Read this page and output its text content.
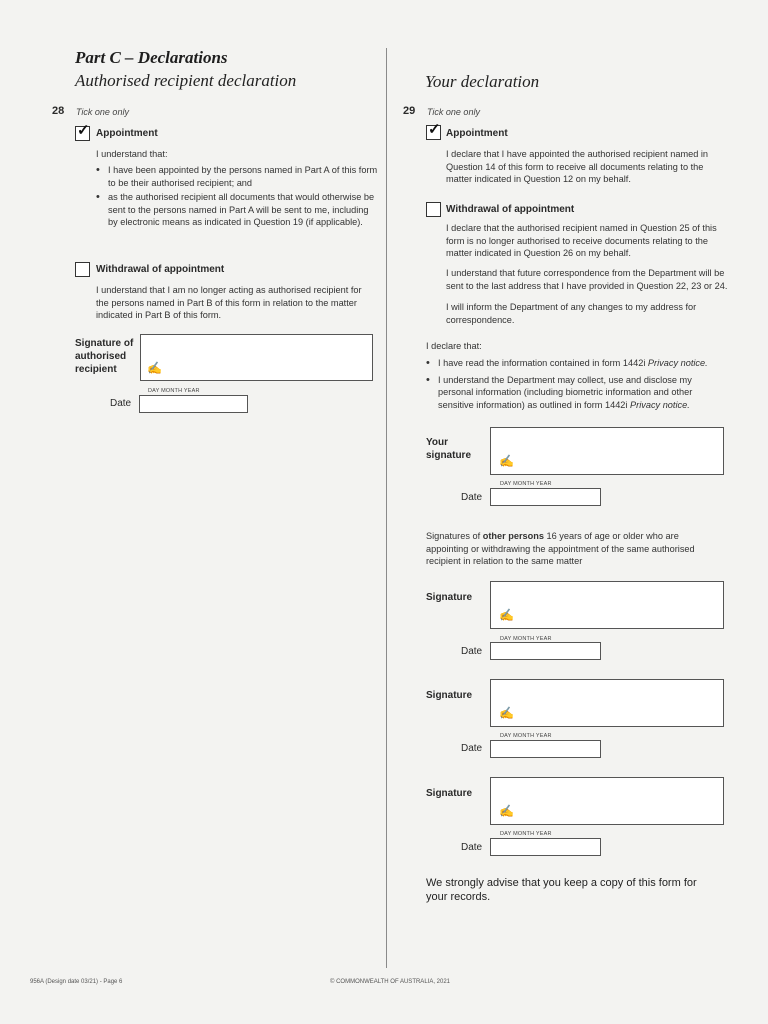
Part C – Declarations
Authorised recipient declaration	Your declaration
28 Tick one only
✓ Appointment
I understand that:
• I have been appointed by the persons named in Part A of this form to be their authorised recipient; and
• as the authorised recipient all documents that would otherwise be sent to the persons named in Part A will be sent to me, including by electronic means as indicated in Question 19 (if applicable).
Withdrawal of appointment
I understand that I am no longer acting as authorised recipient for the persons named in Part B of this form in relation to the matter indicated in Part B of this form.
Signature of authorised recipient	✍
DAY MONTH YEAR
Date
29 Tick one only
✓ Appointment
I declare that I have appointed the authorised recipient named in Question 14 of this form to receive all documents relating to the matter indicated in Question 12 on my behalf.
Withdrawal of appointment
I declare that the authorised recipient named in Question 25 of this form is no longer authorised to receive documents relating to the matter indicated in Question 26 on my behalf.
I understand that future correspondence from the Department will be sent to the last address that I have provided in Question 22, 23 or 24.
I will inform the Department of any changes to my address for correspondence.
I declare that:
• I have read the information contained in form 1442i Privacy notice.
• I understand the Department may collect, use and disclose my personal information (including biometric information and other sensitive information) as outlined in form 1442i Privacy notice.
Your signature	✍
DAY MONTH YEAR
Date
Signatures of other persons 16 years of age or older who are appointing or withdrawing the appointment of the same authorised recipient in relation to the same matter
Signature
✍
DAY MONTH YEAR
Date
Signature
✍
DAY MONTH YEAR
Date
Signature
✍
DAY MONTH YEAR
Date
We strongly advise that you keep a copy of this form for your records.
956A (Design date 03/21) - Page 6	© COMMONWEALTH OF AUSTRALIA, 2021
